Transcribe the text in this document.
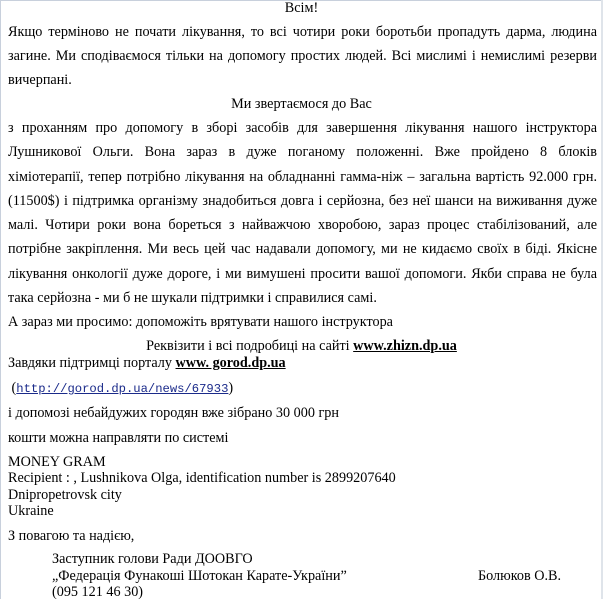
Всім!
Якщо терміново не почати лікування, то всі чотири роки боротьби пропадуть дарма, людина
загине. Ми сподіваємося тільки на допомогу простих людей. Всі мислимі і немислимі резерви
вичерпані.
Ми звертаємося до Вас
з проханням про допомогу в зборі засобів для завершення лікування нашого інструктора
Лушникової Ольги. Вона зараз в дуже поганому положенні. Вже пройдено 8 блоків
хіміотерапії, тепер потрібно лікування на обладнанні гамма-ніж – загальна вартість 92.000 грн.
(11500$) і підтримка організму знадобиться довга і серйозна, без неї шанси на виживання дуже
малі. Чотири роки вона бореться з найважчою хворобою, зараз процес стабілізований, але
потрібне закріплення. Ми весь цей час надавали допомогу, ми не кидаємо своїх в біді. Якісне
лікування онкології дуже дороге, і ми вимушені просити вашої допомоги. Якби справа не була
така серйозна - ми б не шукали підтримки і справилися самі.
А зараз ми просимо: допоможіть врятувати нашого інструктора
Реквізити і всі подробиці на сайті www.zhizn.dp.ua
Завдяки підтримці порталу www. gorod.dp.ua
(http://gorod.dp.ua/news/67933)
і допомозі небайдужих городян вже зібрано 30 000 грн
кошти можна направляти по системі
MONEY GRAM
Recipient : , Lushnikova Olga, identification number is 2899207640
Dnipropetrovsk city
Ukraine
З повагою та надією,
Заступник голови Ради ДООВГО
„Федерація Фунакоші Шотокан Карате-України”
(095 121 46 30)
Болюков О.В.
